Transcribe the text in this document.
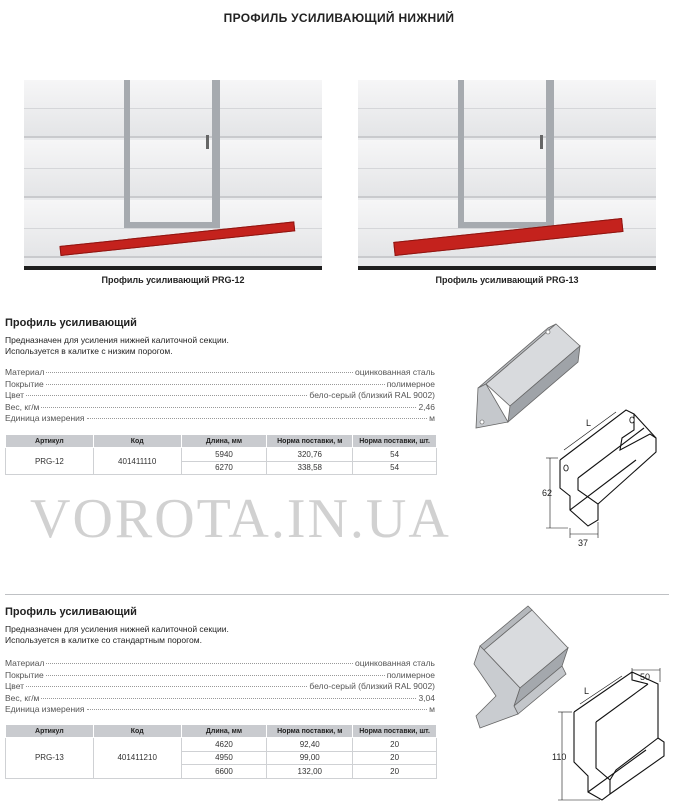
ПРОФИЛЬ УСИЛИВАЮЩИЙ НИЖНИЙ
Профиль усиливающий PRG-12	Профиль усиливающий PRG-13
Профиль усиливающий
Предназначен для усиления нижней калиточной секции.
Используется в калитке с низким порогом.
Материал	оцинкованная сталь
Покрытие	полимерное
Цвет	бело-серый (близкий RAL 9002)
Вес, кг/м	2,46
Единица измерения	м
Артикул	Код	Длина, мм	Норма поставки, м	Норма поставки, шт.
PRG-12	401411110	5940	320,76	54
		6270	338,58	54
L
62
37
VOROTA.IN.UA
Профиль усиливающий
Предназначен для усиления нижней калиточной секции.
Используется в калитке со стандартным порогом.
Материал	оцинкованная сталь
Покрытие	полимерное
Цвет	бело-серый (близкий RAL 9002)
Вес, кг/м	3,04
Единица измерения	м
Артикул	Код	Длина, мм	Норма поставки, м	Норма поставки, шт.
PRG-13	401411210	4620	92,40	20
		4950	99,00	20
		6600	132,00	20
L
110
50
